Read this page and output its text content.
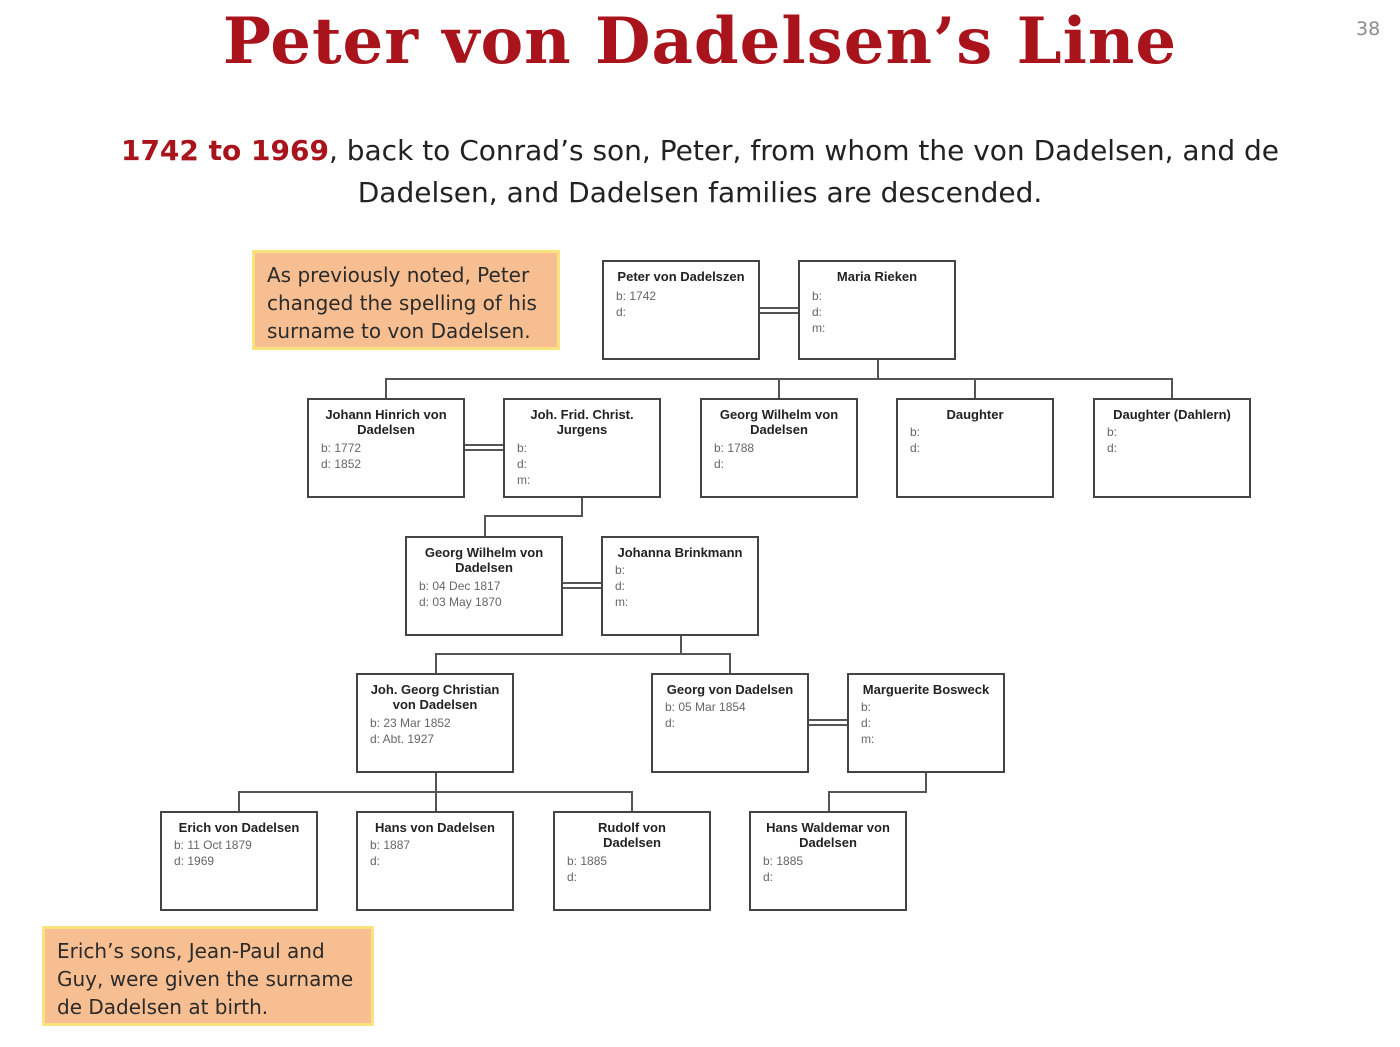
Peter von Dadelsen’s Line	38
1742 to 1969, back to Conrad’s son, Peter, from whom the von Dadelsen, and de Dadelsen, and Dadelsen families are descended.
As previously noted, Peter changed the spelling of his surname to von Dadelsen.
Erich’s sons, Jean-Paul and Guy, were given the surname de Dadelsen at birth.
Peter von Dadelszen
b: 1742
d:
Maria Rieken
b:
d:
m:
Johann Hinrich von Dadelsen
b: 1772
d: 1852
Joh. Frid. Christ. Jurgens
b:
d:
m:
Georg Wilhelm von Dadelsen
b: 1788
d:
Daughter
b:
d:
Daughter (Dahlern)
b:
d:
Georg Wilhelm von Dadelsen
b: 04 Dec 1817
d: 03 May 1870
Johanna Brinkmann
b:
d:
m:
Joh. Georg Christian von Dadelsen
b: 23 Mar 1852
d: Abt. 1927
Georg von Dadelsen
b: 05 Mar 1854
d:
Marguerite Bosweck
b:
d:
m:
Erich von Dadelsen
b: 11 Oct 1879
d: 1969
Hans von Dadelsen
b: 1887
d:
Rudolf von Dadelsen
b: 1885
d:
Hans Waldemar von Dadelsen
b: 1885
d:
